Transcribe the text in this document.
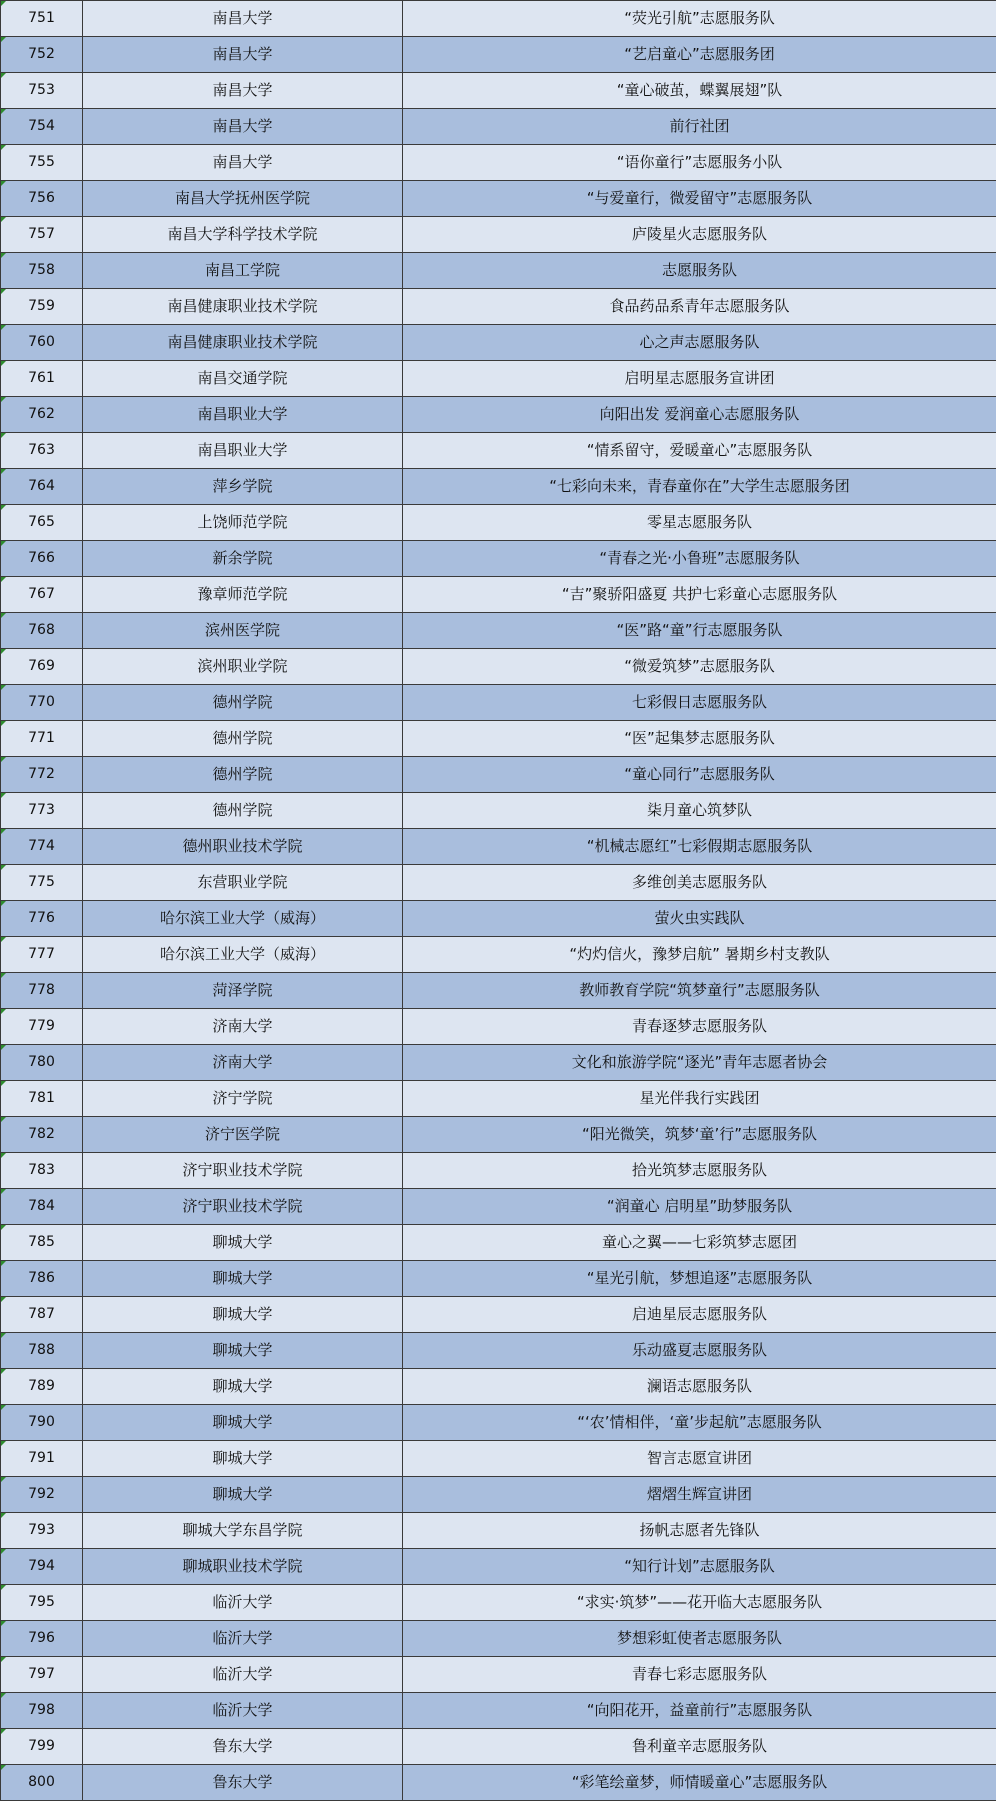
751	南昌大学	“荧光引航”志愿服务队
752	南昌大学	“艺启童心”志愿服务团
753	南昌大学	“童心破茧，蝶翼展翅”队
754	南昌大学	前行社团
755	南昌大学	“语你童行”志愿服务小队
756	南昌大学抚州医学院	“与爱童行，微爱留守”志愿服务队
757	南昌大学科学技术学院	庐陵星火志愿服务队
758	南昌工学院	志愿服务队
759	南昌健康职业技术学院	食品药品系青年志愿服务队
760	南昌健康职业技术学院	心之声志愿服务队
761	南昌交通学院	启明星志愿服务宣讲团
762	南昌职业大学	向阳出发 爱润童心志愿服务队
763	南昌职业大学	“情系留守，爱暖童心”志愿服务队
764	萍乡学院	“七彩向未来，青春童你在”大学生志愿服务团
765	上饶师范学院	零星志愿服务队
766	新余学院	“青春之光·小鲁班”志愿服务队
767	豫章师范学院	“吉”聚骄阳盛夏 共护七彩童心志愿服务队
768	滨州医学院	“医”路“童”行志愿服务队
769	滨州职业学院	“微爱筑梦”志愿服务队
770	德州学院	七彩假日志愿服务队
771	德州学院	“医”起集梦志愿服务队
772	德州学院	“童心同行”志愿服务队
773	德州学院	柒月童心筑梦队
774	德州职业技术学院	“机械志愿红”七彩假期志愿服务队
775	东营职业学院	多维创美志愿服务队
776	哈尔滨工业大学（威海）	萤火虫实践队
777	哈尔滨工业大学（威海）	“灼灼信火，豫梦启航” 暑期乡村支教队
778	菏泽学院	教师教育学院“筑梦童行”志愿服务队
779	济南大学	青春逐梦志愿服务队
780	济南大学	文化和旅游学院“逐光”青年志愿者协会
781	济宁学院	星光伴我行实践团
782	济宁医学院	“阳光微笑，筑梦‘童’行”志愿服务队
783	济宁职业技术学院	拾光筑梦志愿服务队
784	济宁职业技术学院	“润童心 启明星”助梦服务队
785	聊城大学	童心之翼——七彩筑梦志愿团
786	聊城大学	“星光引航，梦想追逐”志愿服务队
787	聊城大学	启迪星辰志愿服务队
788	聊城大学	乐动盛夏志愿服务队
789	聊城大学	澜语志愿服务队
790	聊城大学	“‘农’情相伴，‘童’步起航”志愿服务队
791	聊城大学	智言志愿宣讲团
792	聊城大学	熠熠生辉宣讲团
793	聊城大学东昌学院	扬帆志愿者先锋队
794	聊城职业技术学院	“知行计划”志愿服务队
795	临沂大学	“求实·筑梦”——花开临大志愿服务队
796	临沂大学	梦想彩虹使者志愿服务队
797	临沂大学	青春七彩志愿服务队
798	临沂大学	“向阳花开，益童前行”志愿服务队
799	鲁东大学	鲁利童辛志愿服务队
800	鲁东大学	“彩笔绘童梦，师情暖童心”志愿服务队
